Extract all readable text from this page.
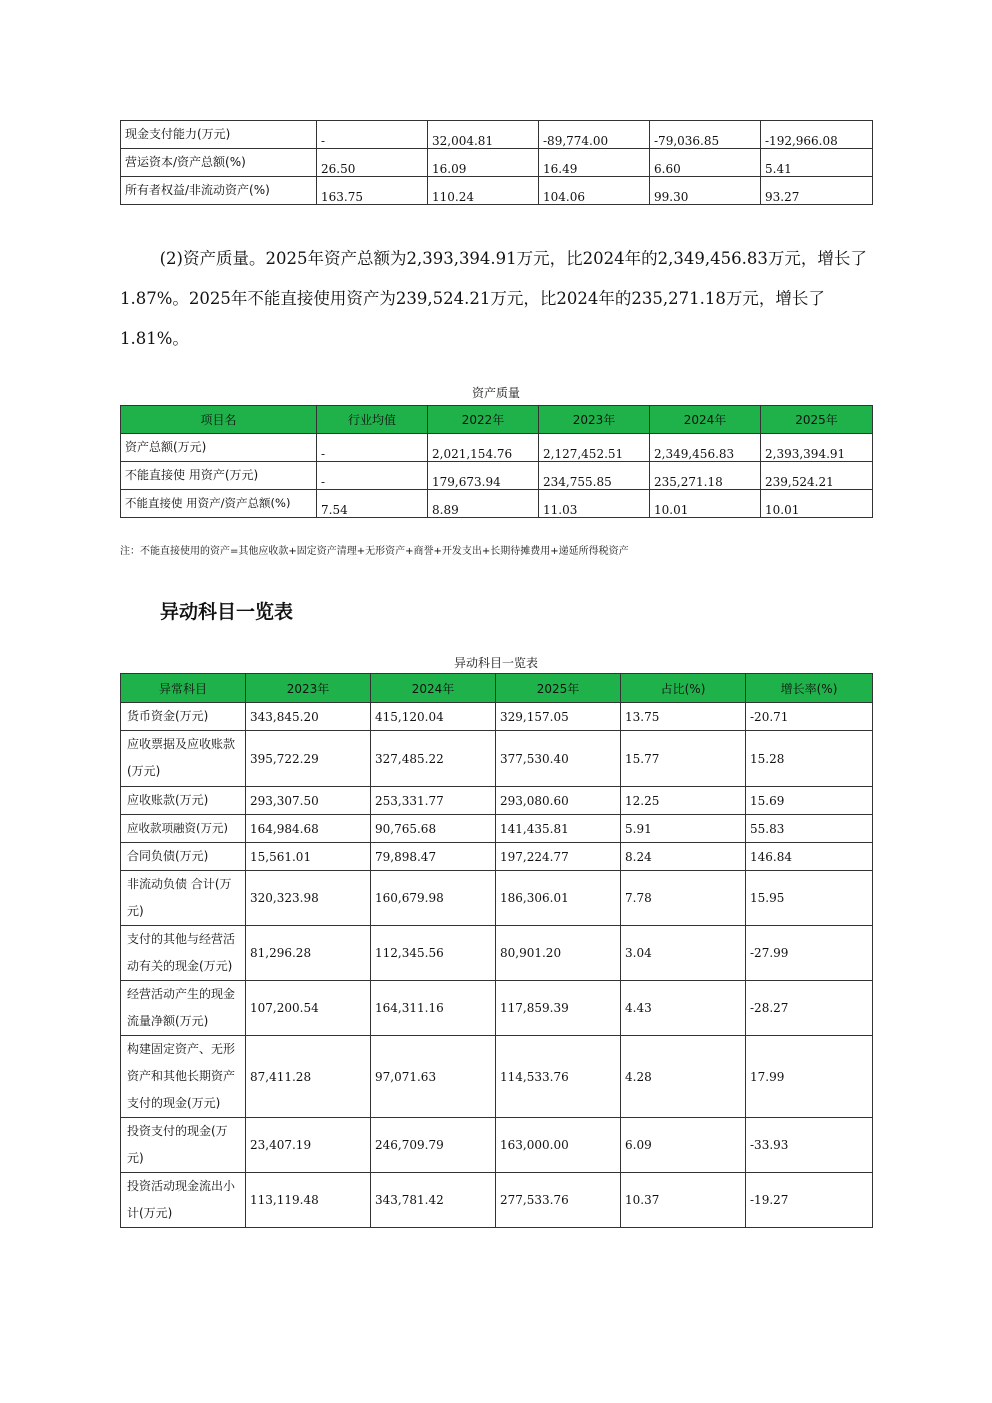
现金支付能力(万元)	-	32,004.81	-89,774.00	-79,036.85	-192,966.08
营运资本/资产总额(%)	26.50	16.09	16.49	6.60	5.41
所有者权益/非流动资产(%)	163.75	110.24	104.06	99.30	93.27

(2)资产质量。2025年资产总额为2,393,394.91万元，比2024年的2,349,456.83万元，增长了1.87%。2025年不能直接使用资产为239,524.21万元，比2024年的235,271.18万元，增长了1.81%。

资产质量
项目名	行业均值	2022年	2023年	2024年	2025年
资产总额(万元)	-	2,021,154.76	2,127,452.51	2,349,456.83	2,393,394.91
不能直接使 用资产(万元)	-	179,673.94	234,755.85	235,271.18	239,524.21
不能直接使 用资产/资产总额(%)	7.54	8.89	11.03	10.01	10.01
注：不能直接使用的资产=其他应收款+固定资产清理+无形资产+商誉+开发支出+长期待摊费用+递延所得税资产
异动科目一览表
异动科目一览表
异常科目	2023年	2024年	2025年	占比(%)	增长率(%)
货币资金(万元)	343,845.20	415,120.04	329,157.05	13.75	-20.71
应收票据及应收账款(万元)	395,722.29	327,485.22	377,530.40	15.77	15.28
应收账款(万元)	293,307.50	253,331.77	293,080.60	12.25	15.69
应收款项融资(万元)	164,984.68	90,765.68	141,435.81	5.91	55.83
合同负债(万元)	15,561.01	79,898.47	197,224.77	8.24	146.84
非流动负债 合计(万元)	320,323.98	160,679.98	186,306.01	7.78	15.95
支付的其他与经营活动有关的现金(万元)	81,296.28	112,345.56	80,901.20	3.04	-27.99
经营活动产生的现金流量净额(万元)	107,200.54	164,311.16	117,859.39	4.43	-28.27
构建固定资产、无形资产和其他长期资产支付的现金(万元)	87,411.28	97,071.63	114,533.76	4.28	17.99
投资支付的现金(万元)	23,407.19	246,709.79	163,000.00	6.09	-33.93
投资活动现金流出小计(万元)	113,119.48	343,781.42	277,533.76	10.37	-19.27
